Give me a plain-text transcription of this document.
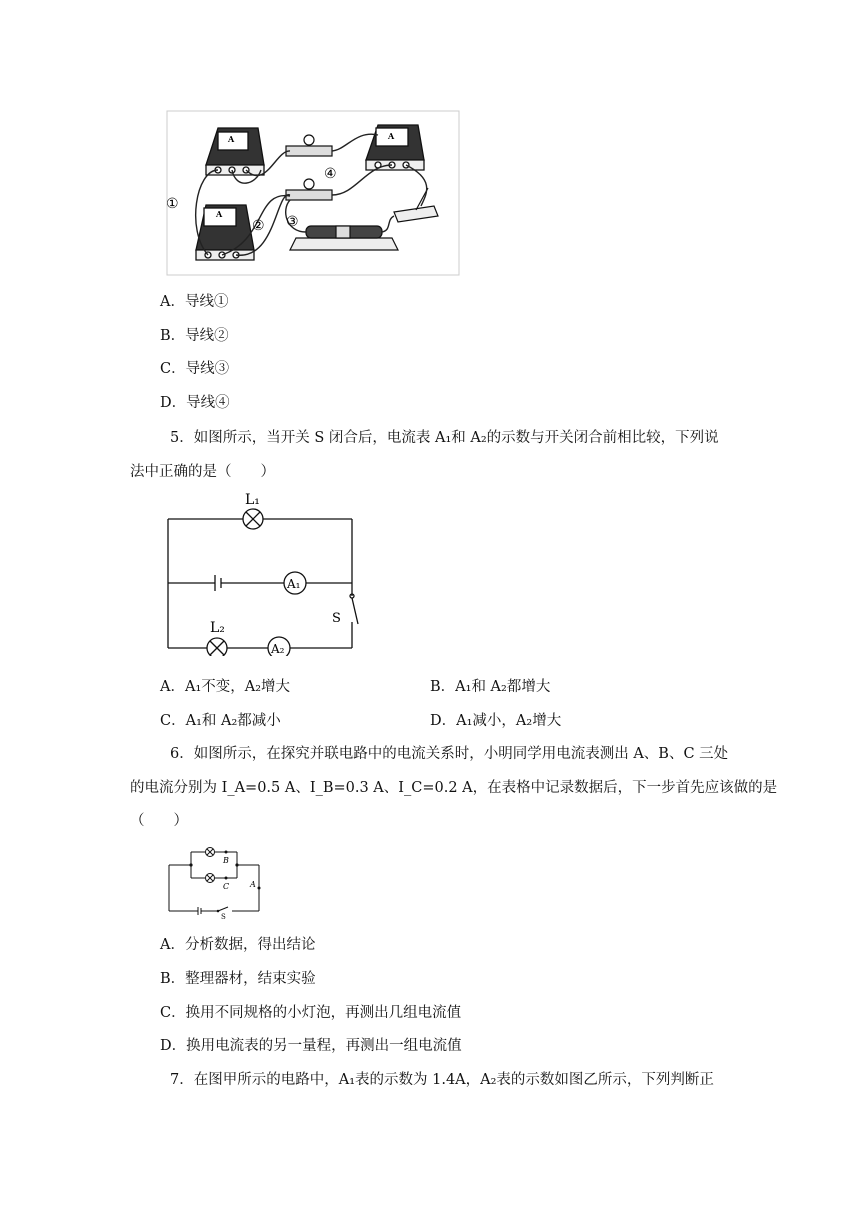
A
A
A
①
② ③
④
A．导线①
B．导线②
C．导线③
D．导线④
5．如图所示，当开关 S 闭合后，电流表 A₁和 A₂的示数与开关闭合前相比较，下列说
法中正确的是（　　）
L₁
A₁
S
L₂
A₂
A．A₁不变，A₂增大	B．A₁和 A₂都增大
C．A₁和 A₂都减小	D．A₁减小，A₂增大
6．如图所示，在探究并联电路中的电流关系时，小明同学用电流表测出 A、B、C 三处
的电流分别为 I_A=0.5 A、I_B=0.3 A、I_C=0.2 A，在表格中记录数据后，下一步首先应该做的是
（　　）
B
C	A
S
A．分析数据，得出结论
B．整理器材，结束实验
C．换用不同规格的小灯泡，再测出几组电流值
D．换用电流表的另一量程，再测出一组电流值
7．在图甲所示的电路中，A₁表的示数为 1.4A，A₂表的示数如图乙所示，下列判断正
